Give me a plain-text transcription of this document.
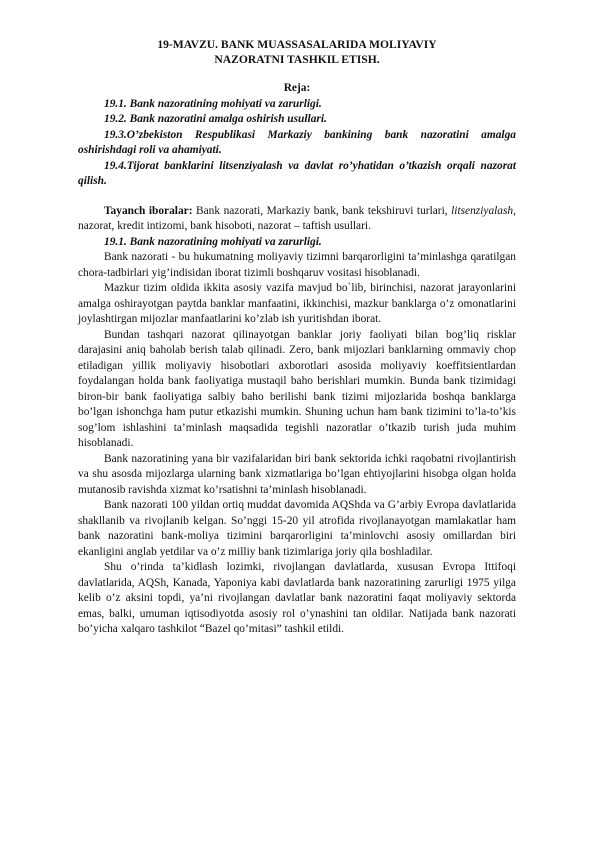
19-MAVZU. BANK MUASSASALARIDA MOLIYAVIY
NAZORATNI TASHKIL ETISH.
Reja:
19.1. Bank nazoratining mohiyati va zarurligi.
19.2. Bank nazoratini amalga oshirish usullari.
19.3.O’zbekiston Respublikasi Markaziy bankining bank nazoratini amalga oshirishdagi roli va ahamiyati.
19.4.Tijorat banklarini litsenziyalash va davlat ro’yhatidan o’tkazish orqali nazorat qilish.

Tayanch iboralar: Bank nazorati, Markaziy bank, bank tekshiruvi turlari, litsenziyalash, nazorat, kredit intizomi, bank hisoboti, nazorat – taftish usullari.

19.1. Bank nazoratining mohiyati va zarurligi.

Bank nazorati - bu hukumatning moliyaviy tizimni barqarorligini ta’minlashga qaratilgan chora-tadbirlari yig’indisidan iborat tizimli boshqaruv vositasi hisoblanadi.

Mazkur tizim oldida ikkita asosiy vazifa mavjud bo`lib, birinchisi, nazorat jarayonlarini amalga oshirayotgan paytda banklar manfaatini, ikkinchisi, mazkur banklarga o’z omonatlarini joylashtirgan mijozlar manfaatlarini ko’zlab ish yuritishdan iborat.

Bundan tashqari nazorat qilinayotgan banklar joriy faoliyati bilan bog’liq risklar darajasini aniq baholab berish talab qilinadi. Zero, bank mijozlari banklarning ommaviy chop etiladigan yillik moliyaviy hisobotlari axborotlari asosida moliyaviy koeffitsientlardan foydalangan holda bank faoliyatiga mustaqil baho berishlari mumkin. Bunda bank tizimidagi biron-bir bank faoliyatiga salbiy baho berilishi bank tizimi mijozlarida boshqa banklarga bo’lgan ishonchga ham putur etkazishi mumkin. Shuning uchun ham bank tizimini to’la-to’kis sog’lom ishlashini ta’minlash maqsadida tegishli nazoratlar o’tkazib turish juda muhim hisoblanadi.

Bank nazoratining yana bir vazifalaridan biri bank sektorida ichki raqobatni rivojlantirish va shu asosda mijozlarga ularning bank xizmatlariga bo’lgan ehtiyojlarini hisobga olgan holda mutanosib ravishda xizmat ko’rsatishni ta’minlash hisoblanadi.

Bank nazorati 100 yildan ortiq muddat davomida AQShda va G’arbiy Evropa davlatlarida shakllanib va rivojlanib kelgan. So’nggi 15-20 yil atrofida rivojlanayotgan mamlakatlar ham bank nazoratini bank-moliya tizimini barqarorligini ta’minlovchi asosiy omillardan biri ekanligini anglab yetdilar va o’z milliy bank tizimlariga joriy qila boshladilar.

Shu o’rinda ta’kidlash lozimki, rivojlangan davlatlarda, xususan Evropa Ittifoqi davlatlarida, AQSh, Kanada, Yaponiya kabi davlatlarda bank nazoratining zarurligi 1975 yilga kelib o’z aksini topdi, ya’ni rivojlangan davlatlar bank nazoratini faqat moliyaviy sektorda emas, balki, umuman iqtisodiyotda asosiy rol o’ynashini tan oldilar. Natijada bank nazorati bo’yicha xalqaro tashkilot “Bazel qo’mitasi” tashkil etildi.
